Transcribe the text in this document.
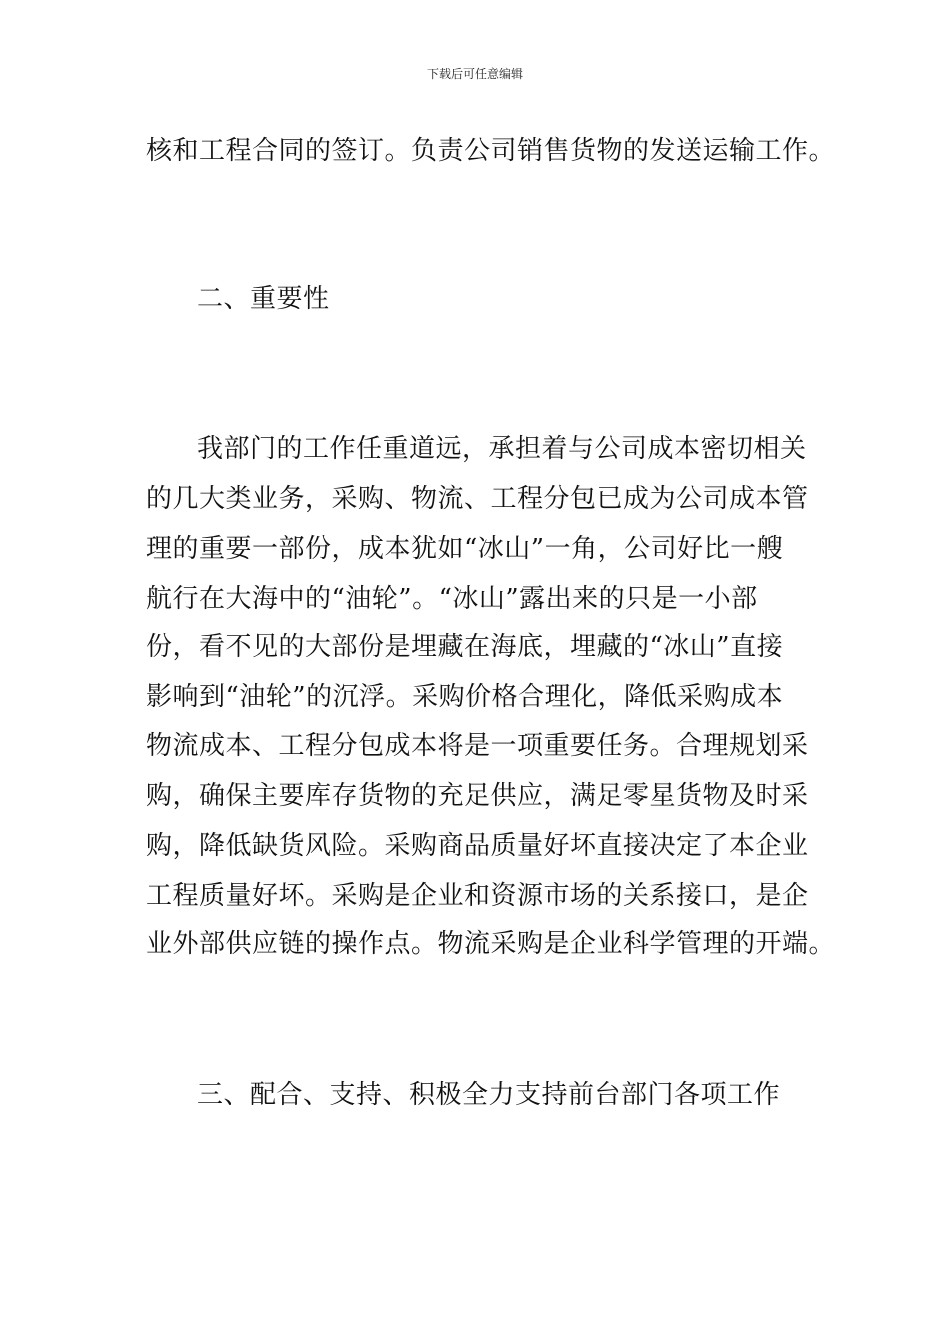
下载后可任意编辑
核和工程合同的签订。负责公司销售货物的发送运输工作。
二、重要性
我部门的工作任重道远，承担着与公司成本密切相关
的几大类业务，采购、物流、工程分包已成为公司成本管
理的重要一部份，成本犹如“冰山”一角，公司好比一艘
航行在大海中的“油轮”。“冰山”露出来的只是一小部
份，看不见的大部份是埋藏在海底，埋藏的“冰山”直接
影响到“油轮”的沉浮。采购价格合理化，降低采购成本
物流成本、工程分包成本将是一项重要任务。合理规划采
购，确保主要库存货物的充足供应，满足零星货物及时采
购，降低缺货风险。采购商品质量好坏直接决定了本企业
工程质量好坏。采购是企业和资源市场的关系接口，是企
业外部供应链的操作点。物流采购是企业科学管理的开端。
三、配合、支持、积极全力支持前台部门各项工作
